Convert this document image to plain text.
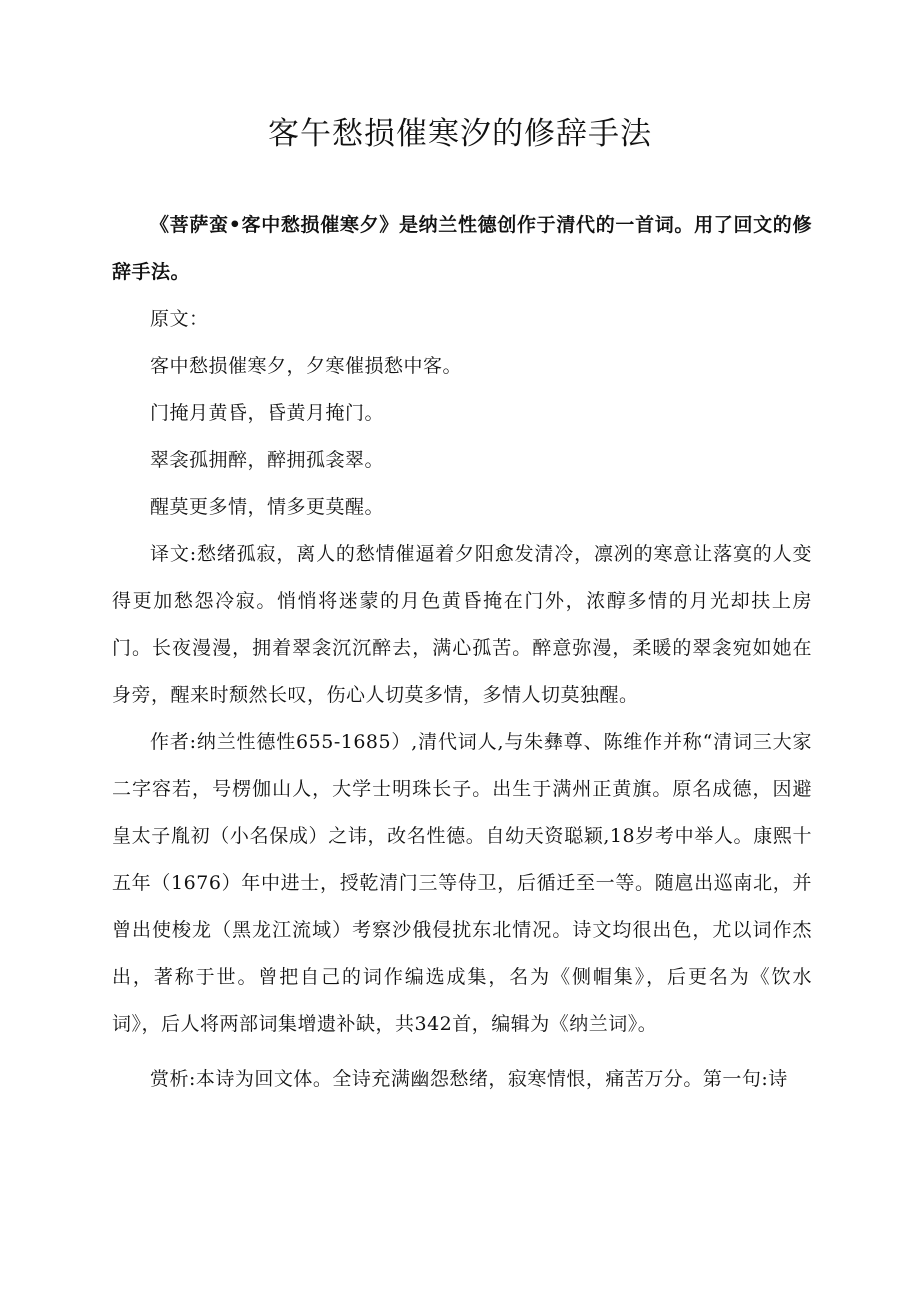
客午愁损催寒汐的修辞手法

《菩萨蛮•客中愁损催寒夕》是纳兰性德创作于清代的一首词。用了回文的修辞手法。

原文：

客中愁损催寒夕，夕寒催损愁中客。

门掩月黄昏，昏黄月掩门。

翠衾孤拥醉，醉拥孤衾翠。

醒莫更多情，情多更莫醒。

译文:愁绪孤寂，离人的愁情催逼着夕阳愈发清冷，凛冽的寒意让落寞的人变得更加愁怨冷寂。悄悄将迷蒙的月色黄昏掩在门外，浓醇多情的月光却扶上房门。长夜漫漫，拥着翠衾沉沉醉去，满心孤苦。醉意弥漫，柔暖的翠衾宛如她在身旁，醒来时颓然长叹，伤心人切莫多情，多情人切莫独醒。

作者:纳兰性德性655-1685）,清代词人,与朱彝尊、陈维作并称“清词三大家二字容若，号楞伽山人，大学士明珠长子。出生于满州正黄旗。原名成德，因避皇太子胤初（小名保成）之讳，改名性德。自幼天资聪颖,18岁考中举人。康熙十五年（1676）年中进士，授乾清门三等侍卫，后循迁至一等。随扈出巡南北，并曾出使梭龙（黑龙江流域）考察沙俄侵扰东北情况。诗文均很出色，尤以词作杰出，著称于世。曾把自己的词作编选成集，名为《侧帽集》，后更名为《饮水词》，后人将两部词集增遗补缺，共342首，编辑为《纳兰词》。

赏析:本诗为回文体。全诗充满幽怨愁绪，寂寒情恨，痛苦万分。第一句:诗
